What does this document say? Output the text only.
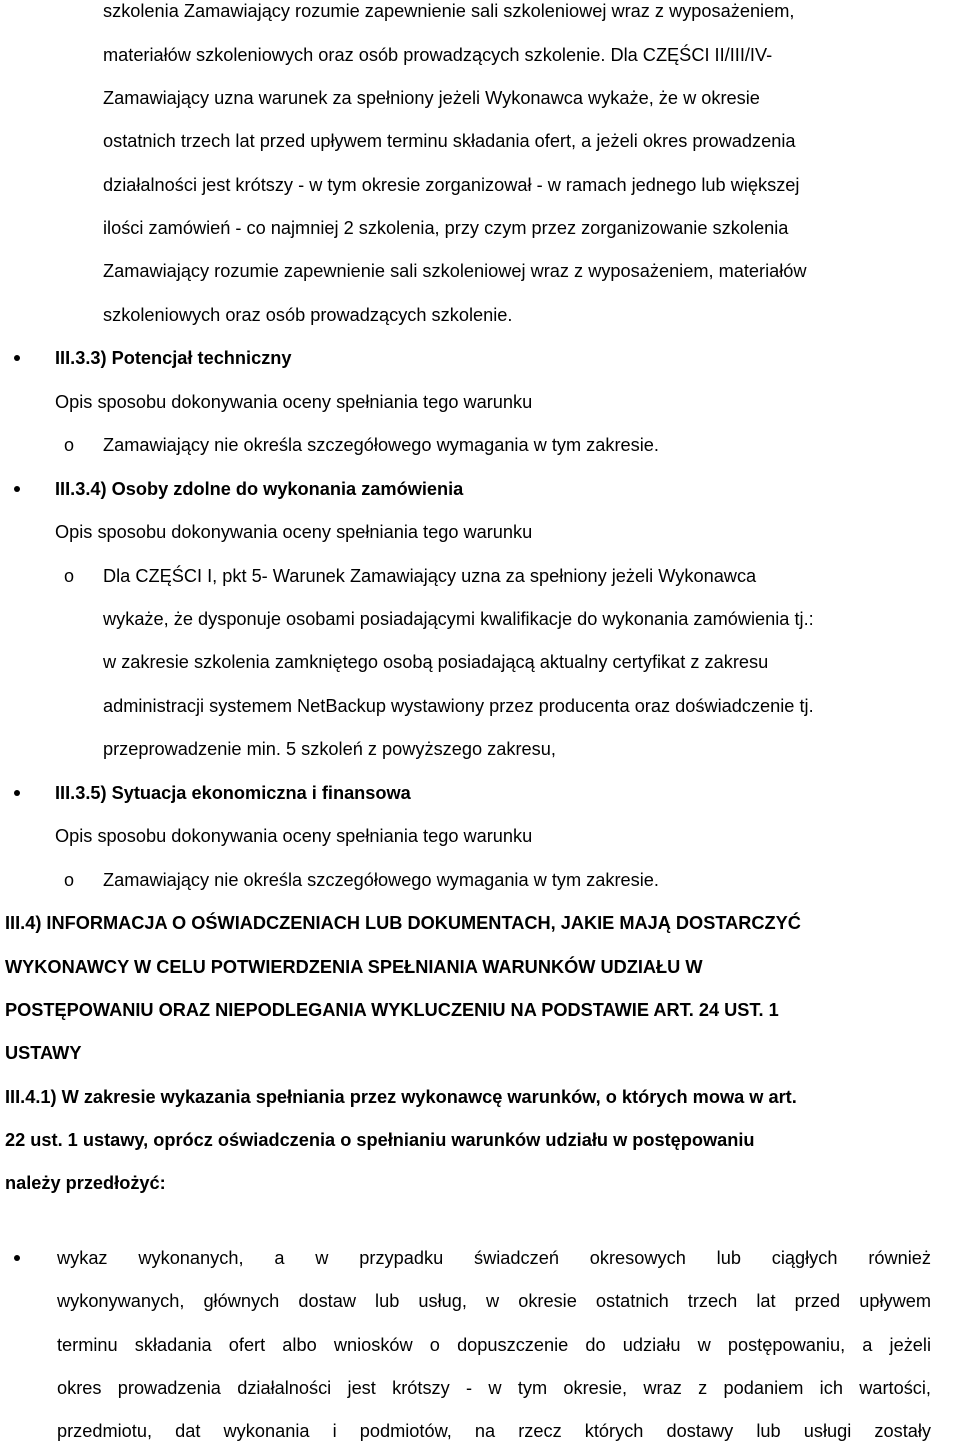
szkolenia Zamawiający rozumie zapewnienie sali szkoleniowej wraz z wyposażeniem,
materiałów szkoleniowych oraz osób prowadzących szkolenie. Dla CZĘŚCI II/III/IV-
Zamawiający uzna warunek za spełniony jeżeli Wykonawca wykaże, że w okresie
ostatnich trzech lat przed upływem terminu składania ofert, a jeżeli okres prowadzenia
działalności jest krótszy - w tym okresie zorganizował - w ramach jednego lub większej
ilości zamówień - co najmniej 2 szkolenia, przy czym przez zorganizowanie szkolenia
Zamawiający rozumie zapewnienie sali szkoleniowej wraz z wyposażeniem, materiałów
szkoleniowych oraz osób prowadzących szkolenie.
III.3.3) Potencjał techniczny
Opis sposobu dokonywania oceny spełniania tego warunku
o Zamawiający nie określa szczegółowego wymagania w tym zakresie.
III.3.4) Osoby zdolne do wykonania zamówienia
Opis sposobu dokonywania oceny spełniania tego warunku
o Dla CZĘŚCI I, pkt 5- Warunek Zamawiający uzna za spełniony jeżeli Wykonawca
wykaże, że dysponuje osobami posiadającymi kwalifikacje do wykonania zamówienia tj.:
w zakresie szkolenia zamkniętego osobą posiadającą aktualny certyfikat z zakresu
administracji systemem NetBackup wystawiony przez producenta oraz doświadczenie tj.
przeprowadzenie min. 5 szkoleń z powyższego zakresu,
III.3.5) Sytuacja ekonomiczna i finansowa
Opis sposobu dokonywania oceny spełniania tego warunku
o Zamawiający nie określa szczegółowego wymagania w tym zakresie.
III.4) INFORMACJA O OŚWIADCZENIACH LUB DOKUMENTACH, JAKIE MAJĄ DOSTARCZYĆ
WYKONAWCY W CELU POTWIERDZENIA SPEŁNIANIA WARUNKÓW UDZIAŁU W
POSTĘPOWANIU ORAZ NIEPODLEGANIA WYKLUCZENIU NA PODSTAWIE ART. 24 UST. 1
USTAWY
III.4.1) W zakresie wykazania spełniania przez wykonawcę warunków, o których mowa w art.
22 ust. 1 ustawy, oprócz oświadczenia o spełnianiu warunków udziału w postępowaniu
należy przedłożyć:
wykaz wykonanych, a w przypadku świadczeń okresowych lub ciągłych również
wykonywanych, głównych dostaw lub usług, w okresie ostatnich trzech lat przed upływem
terminu składania ofert albo wniosków o dopuszczenie do udziału w postępowaniu, a jeżeli
okres prowadzenia działalności jest krótszy - w tym okresie, wraz z podaniem ich wartości,
przedmiotu, dat wykonania i podmiotów, na rzecz których dostawy lub usługi zostały
